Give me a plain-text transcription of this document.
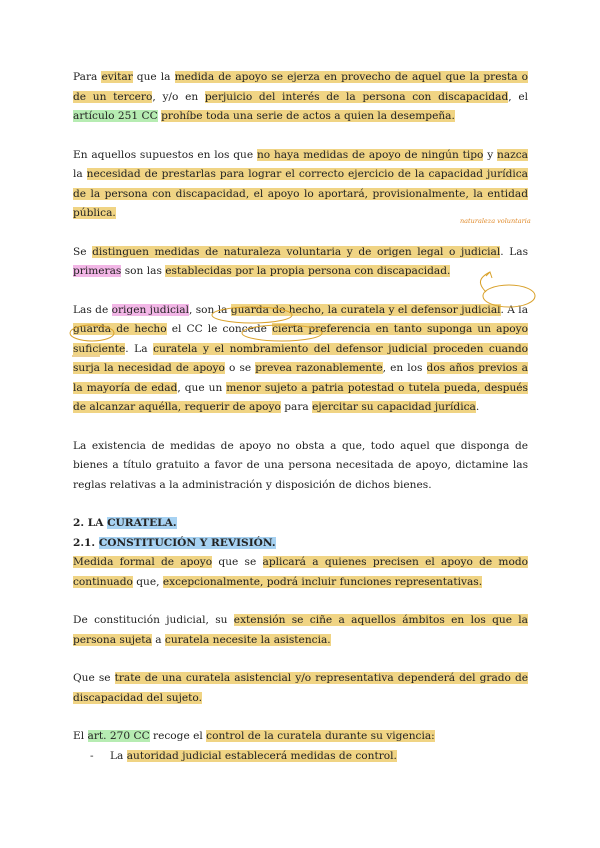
Para evitar que la medida de apoyo se ejerza en provecho de aquel que la presta o de un tercero, y/o en perjuicio del interés de la persona con discapacidad, el artículo 251 CC prohíbe toda una serie de actos a quien la desempeña.

En aquellos supuestos en los que no haya medidas de apoyo de ningún tipo y nazca la necesidad de prestarlas para lograr el correcto ejercicio de la capacidad jurídica de la persona con discapacidad, el apoyo lo aportará, provisionalmente, la entidad pública.

Se distinguen medidas de naturaleza voluntaria y de origen legal o judicial. Las primeras son las establecidas por la propia persona con discapacidad.

Las de origen judicial, son la guarda de hecho, la curatela y el defensor judicial. A la guarda de hecho el CC le concede cierta preferencia en tanto suponga un apoyo suficiente. La curatela y el nombramiento del defensor judicial proceden cuando surja la necesidad de apoyo o se prevea razonablemente, en los dos años previos a la mayoría de edad, que un menor sujeto a patria potestad o tutela pueda, después de alcanzar aquélla, requerir de apoyo para ejercitar su capacidad jurídica.

La existencia de medidas de apoyo no obsta a que, todo aquel que disponga de bienes a título gratuito a favor de una persona necesitada de apoyo, dictamine las reglas relativas a la administración y disposición de dichos bienes.

2. LA CURATELA.
2.1. CONSTITUCIÓN Y REVISIÓN.

Medida formal de apoyo que se aplicará a quienes precisen el apoyo de modo continuado que, excepcionalmente, podrá incluir funciones representativas.

De constitución judicial, su extensión se ciñe a aquellos ámbitos en los que la persona sujeta a curatela necesite la asistencia.

Que se trate de una curatela asistencial y/o representativa dependerá del grado de discapacidad del sujeto.

El art. 270 CC recoge el control de la curatela durante su vigencia:

- La autoridad judicial establecerá medidas de control.
naturaleza voluntaria
